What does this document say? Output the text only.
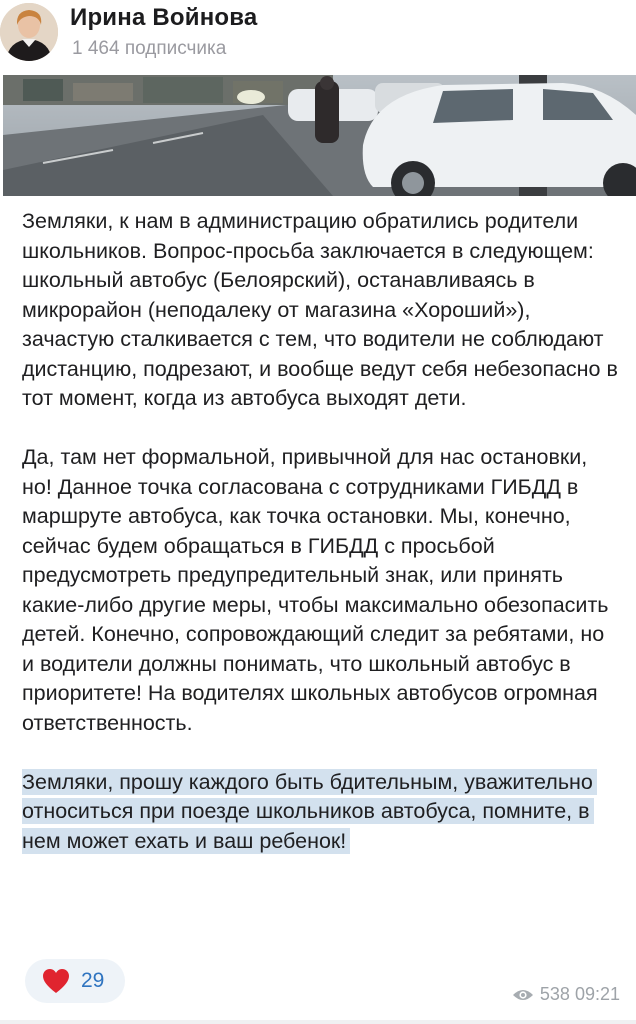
Ирина Войнова
1 464 подписчика

Земляки, к нам в администрацию обратились родители школьников. Вопрос-просьба заключается в следующем: школьный автобус (Белоярский), останавливаясь в микрорайон (неподалеку от магазина «Хороший»), зачастую сталкивается с тем, что водители не соблюдают дистанцию, подрезают, и вообще ведут себя небезопасно в тот момент, когда из автобуса выходят дети.

Да, там нет формальной, привычной для нас остановки, но! Данное точка согласована с сотрудниками ГИБДД в маршруте автобуса, как точка остановки. Мы, конечно, сейчас будем обращаться в ГИБДД с просьбой предусмотреть предупредительный знак, или принять какие-либо другие меры, чтобы максимально обезопасить детей. Конечно, сопровождающий следит за ребятами, но и водители должны понимать, что школьный автобус в приоритете! На водителях школьных автобусов огромная ответственность.

Земляки, прошу каждого быть бдительным, уважительно относиться при поезде школьников автобуса, помните, в нем может ехать и ваш ребенок!
29
538 09:21
